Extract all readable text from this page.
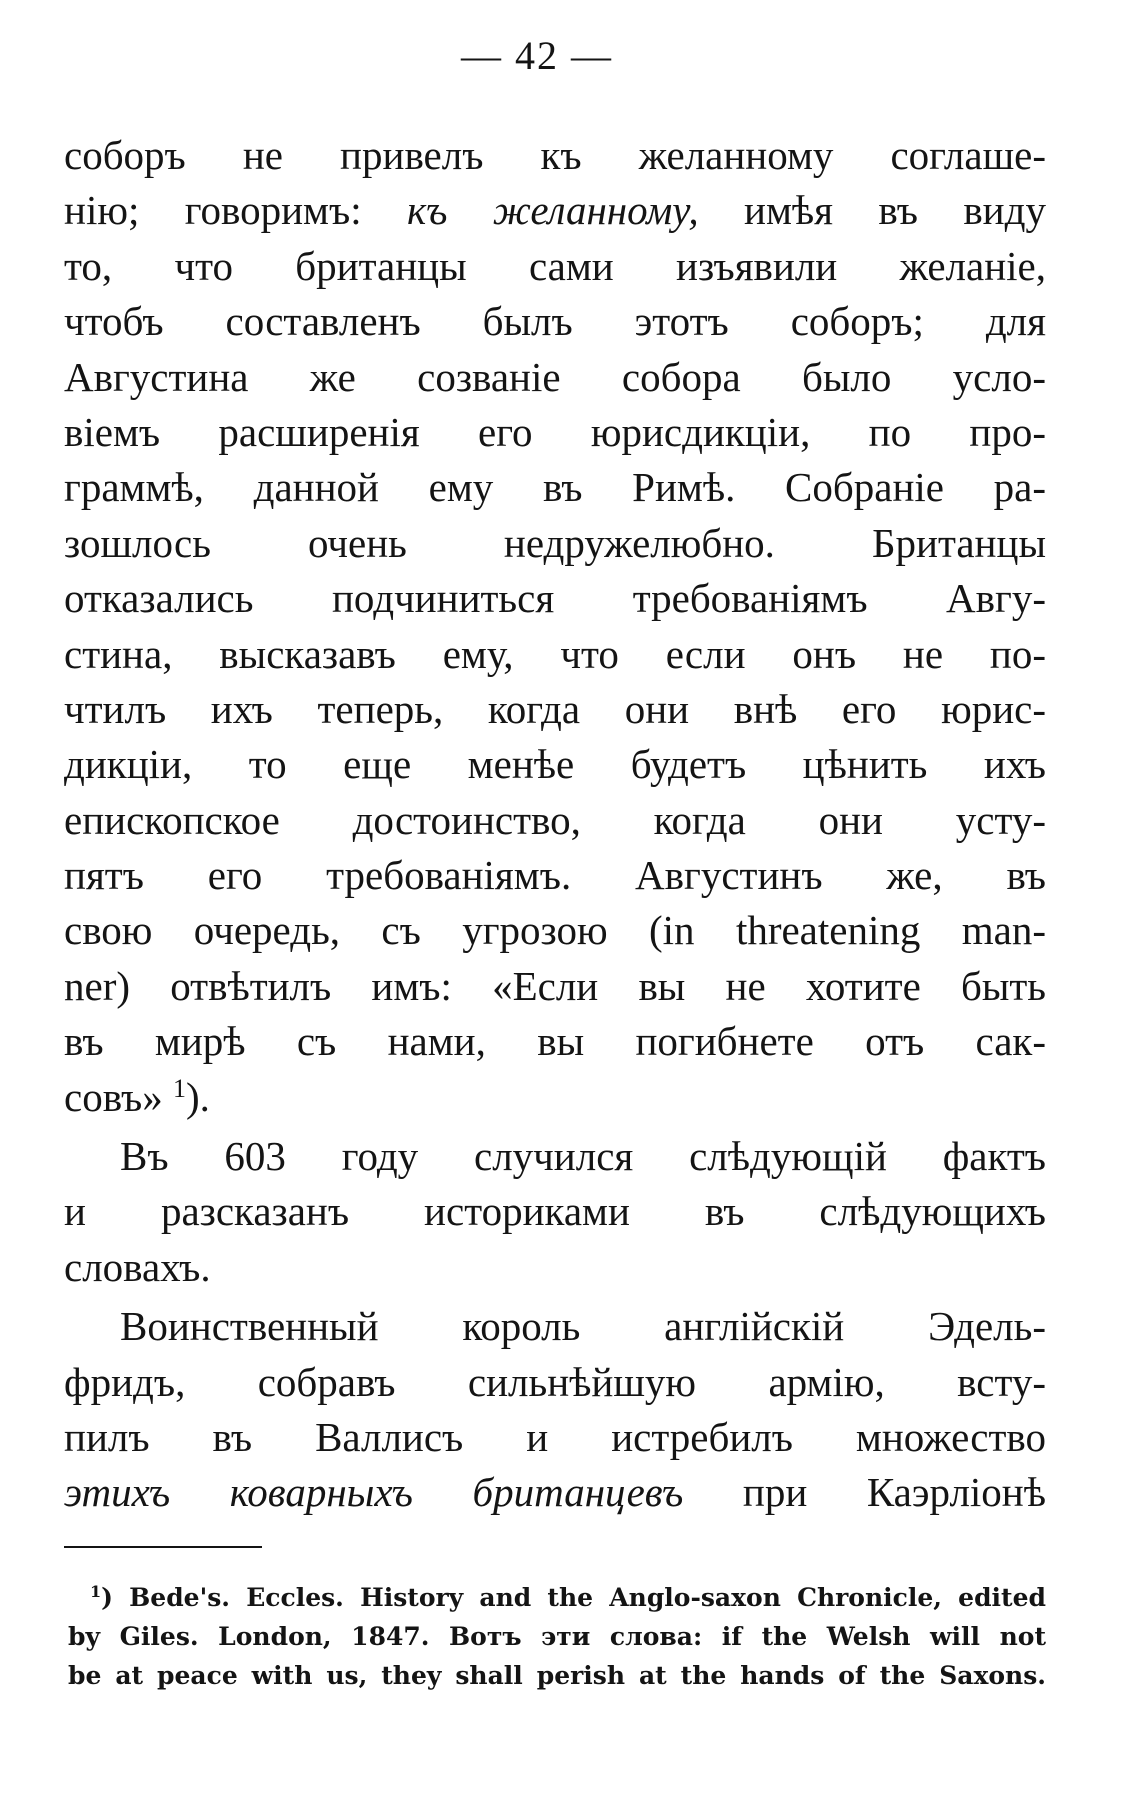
— 42 —
соборъ не привелъ къ желанному соглаше-
нію; говоримъ: къ желанному, имѣя въ виду
то, что британцы сами изъявили желаніе,
чтобъ составленъ былъ этотъ соборъ; для
Августина же созваніе собора было усло-
віемъ расширенія его юрисдикціи, по про-
граммѣ, данной ему въ Римѣ. Собраніе ра-
зошлось очень недружелюбно. Британцы
отказались подчиниться требованіямъ Авгу-
стина, высказавъ ему, что если онъ не по-
чтилъ ихъ теперь, когда они внѣ его юрис-
дикціи, то еще менѣе будетъ цѣнить ихъ
епископское достоинство, когда они усту-
пятъ его требованіямъ. Августинъ же, въ
свою очередь, съ угрозою (in threatening man-
ner) отвѣтилъ имъ: «Если вы не хотите быть
въ мирѣ съ нами, вы погибнете отъ сак-
совъ» $^1$).
Въ 603 году случился слѣдующій фактъ
и разсказанъ историками въ слѣдующихъ
словахъ.
Воинственный король англійскій Эдель-
фридъ, собравъ сильнѣйшую армію, всту-
пилъ въ Валлисъ и истребилъ множество
этихъ коварныхъ британцевъ при Каэрліонѣ
$^1$) Bede's. Eccles. History and the Anglo-saxon Chronicle, edited
by Giles. London, 1847. Вотъ эти слова: if the Welsh will not
be at peace with us, they shall perish at the hands of the Saxons.
